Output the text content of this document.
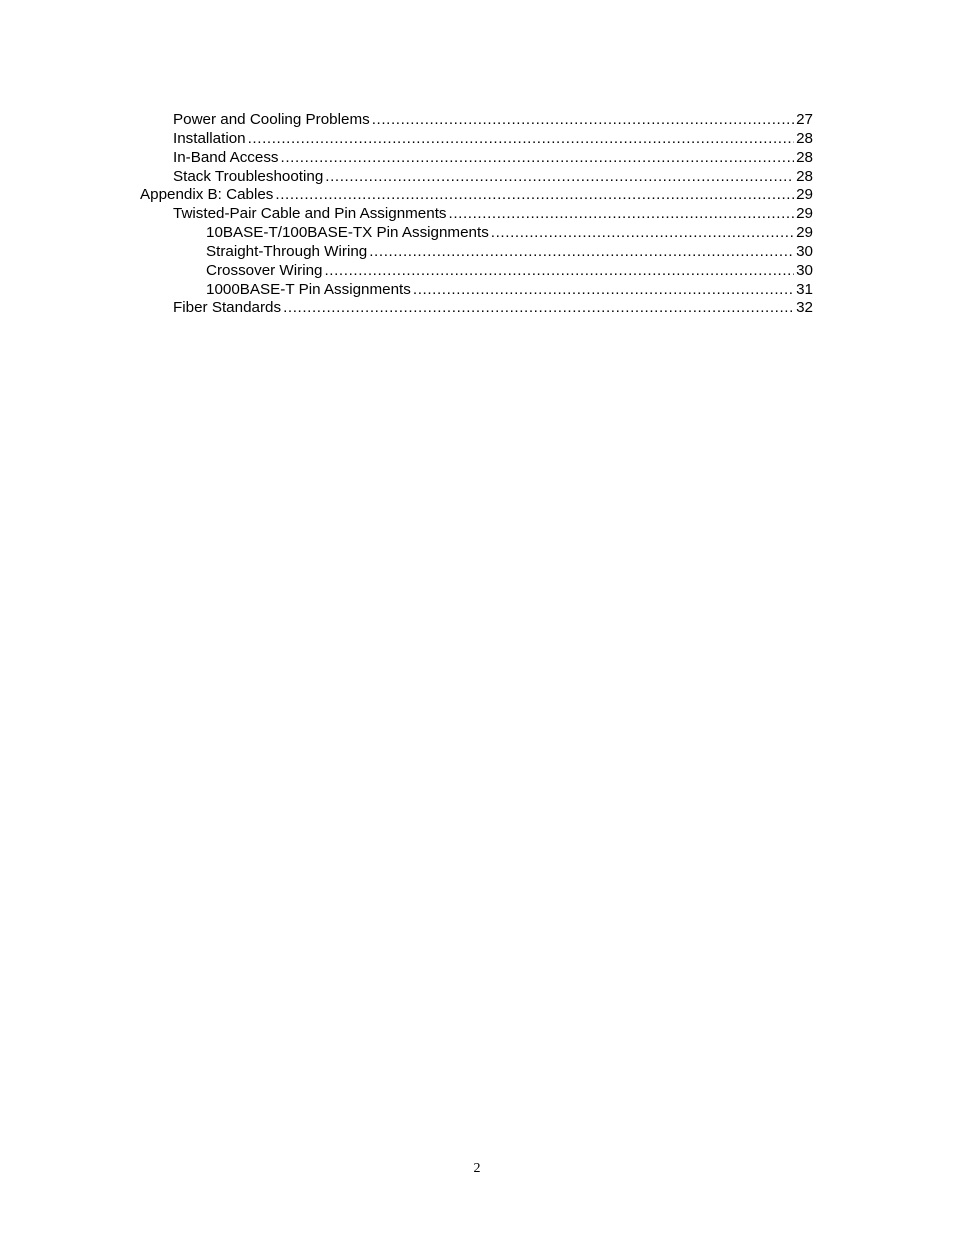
Power and Cooling Problems .....	27
Installation .....	28
In-Band Access .....	28
Stack Troubleshooting .....	28
Appendix B: Cables .....	29
Twisted-Pair Cable and Pin Assignments .....	29
10BASE-T/100BASE-TX Pin Assignments .....	29
Straight-Through Wiring .....	30
Crossover Wiring .....	30
1000BASE-T Pin Assignments .....	31
Fiber Standards .....	32
2
